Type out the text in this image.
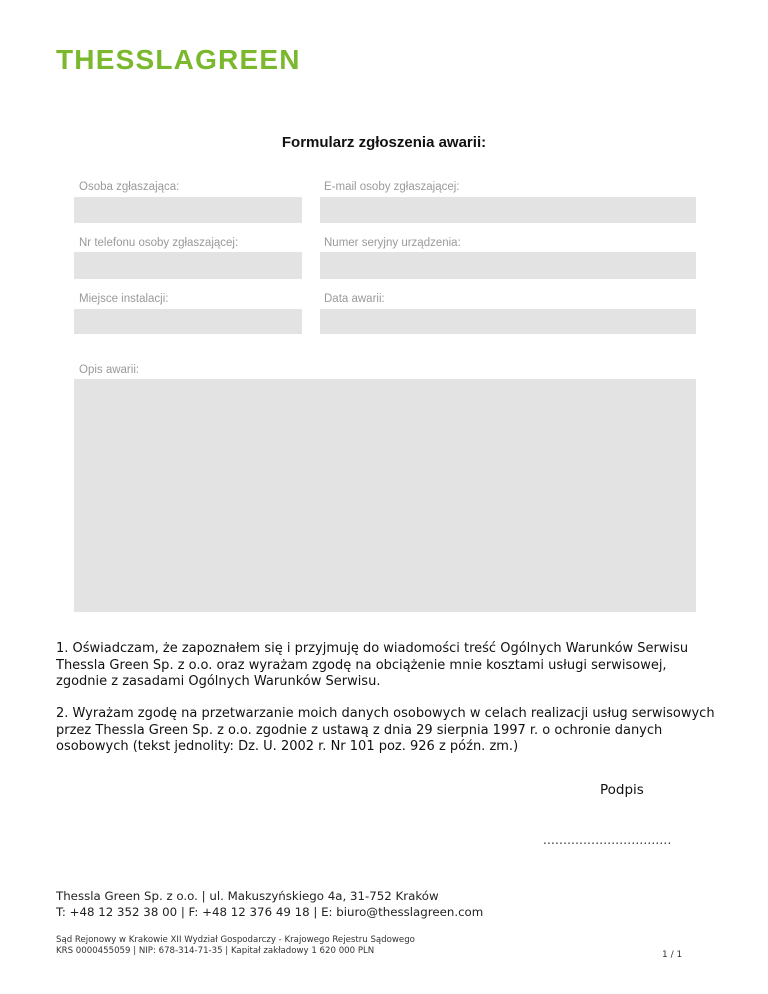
THESSLAGREEN
Formularz zgłoszenia awarii:
Osoba zgłaszająca:	E-mail osoby zgłaszającej:
Nr telefonu osoby zgłaszającej:	Numer seryjny urządzenia:
Miejsce instalacji:	Data awarii:
Opis awarii:
1. Oświadczam, że zapoznałem się i przyjmuję do wiadomości treść Ogólnych Warunków Serwisu Thessla Green Sp. z o.o. oraz wyrażam zgodę na obciążenie mnie kosztami usługi serwisowej, zgodnie z zasadami Ogólnych Warunków Serwisu.
2. Wyrażam zgodę na przetwarzanie moich danych osobowych w celach realizacji usług serwisowych przez Thessla Green Sp. z o.o. zgodnie z ustawą z dnia 29 sierpnia 1997 r. o ochronie danych osobowych (tekst jednolity: Dz. U. 2002 r. Nr 101 poz. 926 z późn. zm.)
Podpis
................................
Thessla Green Sp. z o.o. | ul. Makuszyńskiego 4a, 31-752 Kraków
T: +48 12 352 38 00 | F: +48 12 376 49 18 | E: biuro@thesslagreen.com
Sąd Rejonowy w Krakowie XII Wydział Gospodarczy - Krajowego Rejestru Sądowego
KRS 0000455059 | NIP: 678-314-71-35 | Kapitał zakładowy 1 620 000 PLN	1 / 1
